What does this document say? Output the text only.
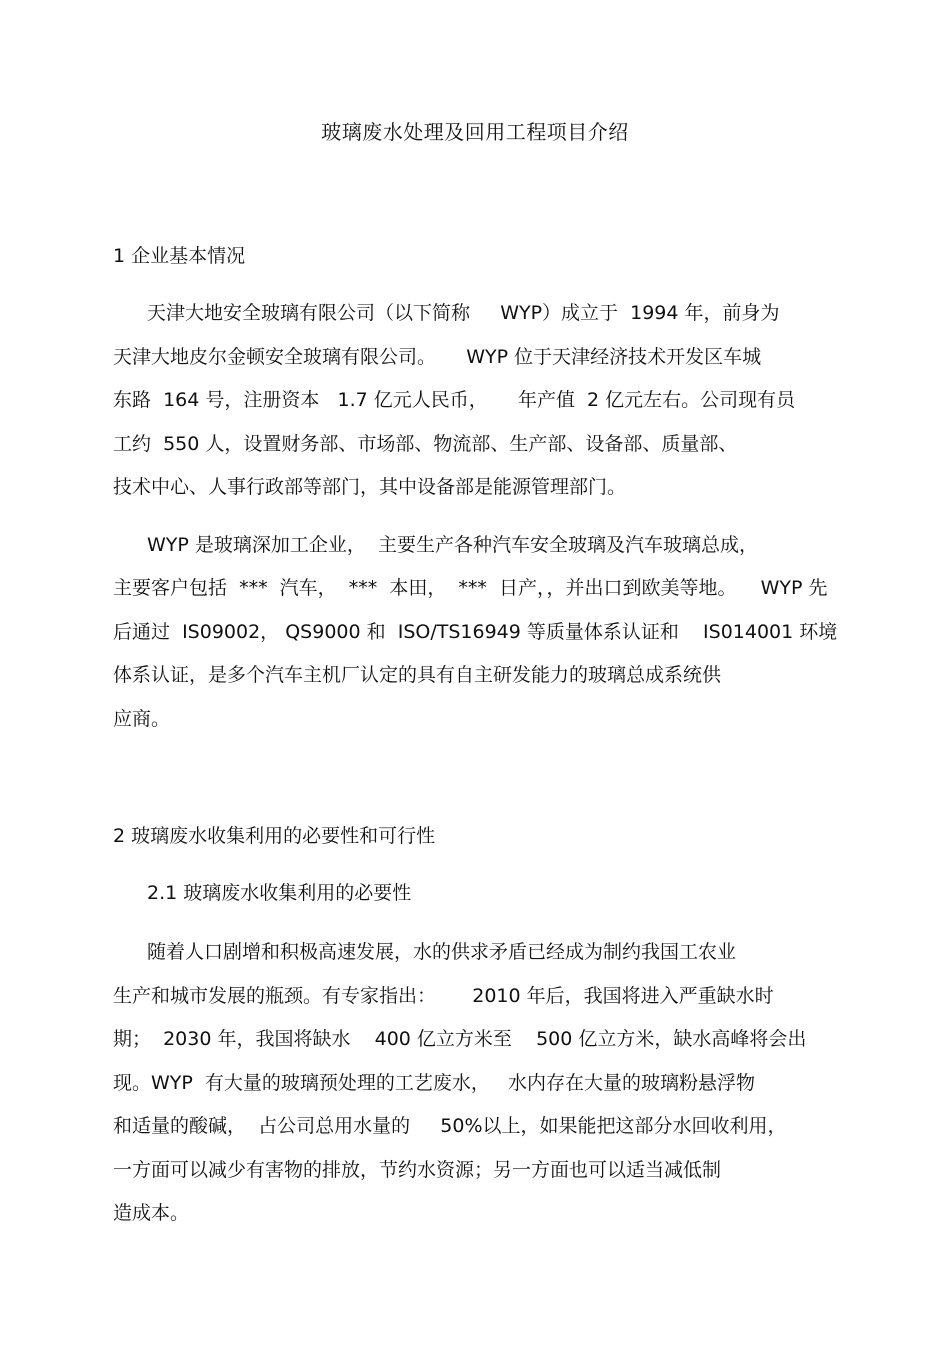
玻璃废水处理及回用工程项目介绍
1 企业基本情况
天津大地安全玻璃有限公司（以下简称     WYP）成立于  1994 年，前身为
天津大地皮尔金顿安全玻璃有限公司。     WYP 位于天津经济技术开发区车城
东路  164 号，注册资本   1.7 亿元人民币，     年产值  2 亿元左右。公司现有员
工约  550 人，设置财务部、市场部、物流部、生产部、设备部、质量部、
技术中心、人事行政部等部门，其中设备部是能源管理部门。
WYP 是玻璃深加工企业，  主要生产各种汽车安全玻璃及汽车玻璃总成，
主要客户包括  ***  汽车，  ***  本田，  ***  日产，，并出口到欧美等地。    WYP 先
后通过  IS09002， QS9000 和  ISO/TS16949 等质量体系认证和    IS014001 环境
体系认证，是多个汽车主机厂认定的具有自主研发能力的玻璃总成系统供
应商。
2 玻璃废水收集利用的必要性和可行性
2.1 玻璃废水收集利用的必要性
随着人口剧增和积极高速发展，水的供求矛盾已经成为制约我国工农业
生产和城市发展的瓶颈。有专家指出：      2010 年后，我国将进入严重缺水时
期；  2030 年，我国将缺水    400 亿立方米至    500 亿立方米，缺水高峰将会出
现。WYP  有大量的玻璃预处理的工艺废水，   水内存在大量的玻璃粉悬浮物
和适量的酸碱，  占公司总用水量的     50%以上，如果能把这部分水回收利用，
一方面可以减少有害物的排放，节约水资源；另一方面也可以适当减低制
造成本。
